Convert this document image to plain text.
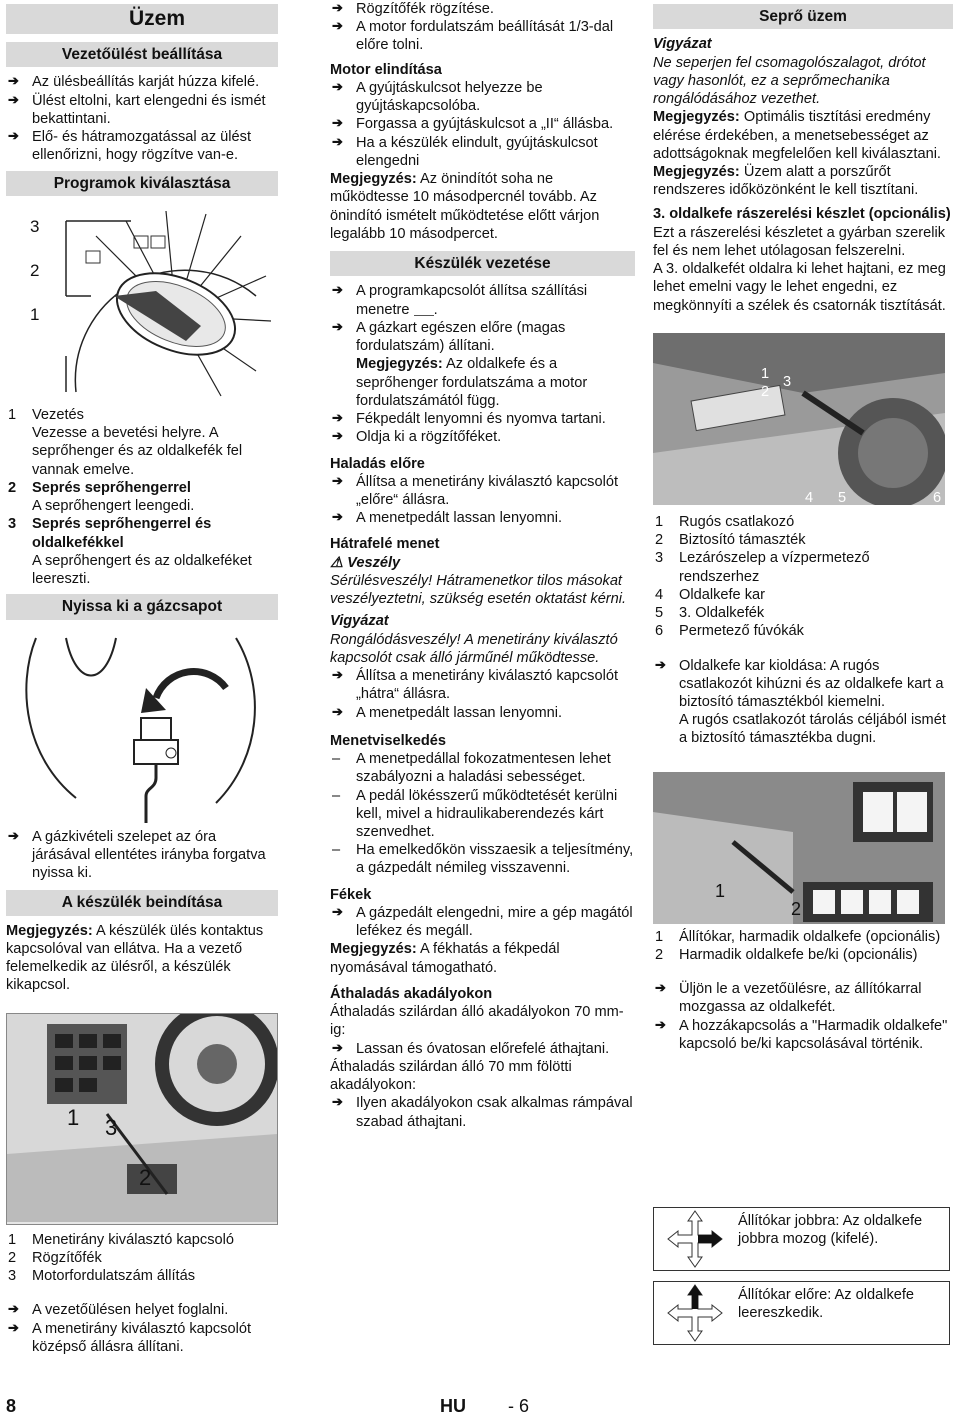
Üzem
Vezetőülést beállítása

➔ Az ülésbeállítás karját húzza kifelé.

➔ Ülést eltolni, kart elengedni és ismét bekattintani.

➔ Elő- és hátramozgatással az ülést ellenőrizni, hogy rögzítve van-e.

Programok kiválasztása
3
2
1

1 Vezetés

Vezesse a bevetési helyre. A seprőhenger és az oldalkefék fel vannak emelve.

2 Seprés seprőhengerrel

A seprőhengert leengedi.

3 Seprés seprőhengerrel és oldalkefékkel

A seprőhengert és az oldalkeféket leereszti.

Nyissa ki a gázcsapot

➔ A gázkivételi szelepet az óra járásával ellentétes irányba forgatva nyissa ki.

A készülék beindítása

Megjegyzés: A készülék ülés kontaktus kapcsolóval van ellátva. Ha a vezető felemelkedik az ülésről, a készülék kikapcsol.

1 3
2

1 Menetirány kiválasztó kapcsoló

2 Rögzítőfék

3 Motorfordulatszám állítás

➔ A vezetőülésen helyet foglalni.

➔ A menetirány kiválasztó kapcsolót középső állásra állítani.

➔ Rögzítőfék rögzítése.

➔ A motor fordulatszám beállítását 1/3-dal előre tolni.

Motor elindítása

➔ A gyújtáskulcsot helyezze be gyújtáskapcsolóba.

➔ Forgassa a gyújtáskulcsot a „II“ állásba.

➔ Ha a készülék elindult, gyújtáskulcsot elengedni

Megjegyzés: Az önindítót soha ne működtesse 10 másodpercnél tovább. Az önindító ismételt működtetése előtt várjon legalább 10 másodpercet.

Készülék vezetése

➔ A programkapcsolót állítsa szállítási menetre .

➔ A gázkart egészen előre (magas fordulatszám) állítani.

Megjegyzés: Az oldalkefe és a seprőhenger fordulatszáma a motor fordulatszámától függ.

➔ Fékpedált lenyomni és nyomva tartani.

➔ Oldja ki a rögzítőféket.

Haladás előre

➔ Állítsa a menetirány kiválasztó kapcsolót „előre“ állásra.

➔ A menetpedált lassan lenyomni.

Hátrafelé menet

⚠ Veszély

Sérülésveszély! Hátramenetkor tilos másokat veszélyeztetni, szükség esetén oktatást kérni.

Vigyázat

Rongálódásveszély! A menetirány kiválasztó kapcsolót csak álló járműnél működtesse.

➔ Állítsa a menetirány kiválasztó kapcsolót „hátra“ állásra.

➔ A menetpedált lassan lenyomni.

Menetviselkedés

– A menetpedállal fokozatmentesen lehet szabályozni a haladási sebességet.

– A pedál lökésszerű működtetését kerülni kell, mivel a hidraulikaberendezés kárt szenvedhet.

– Ha emelkedőkön visszaesik a teljesítmény, a gázpedált némileg visszavenni.

Fékek

➔ A gázpedált elengedni, mire a gép magától lefékez és megáll.

Megjegyzés: A fékhatás a fékpedál nyomásával támogatható.

Áthaladás akadályokon

Áthaladás szilárdan álló akadályokon 70 mm-ig:

➔ Lassan és óvatosan előrefelé áthajtani.

Áthaladás szilárdan álló 70 mm fölötti akadályokon:

➔ Ilyen akadályokon csak alkalmas rámpával szabad áthajtani.

Seprő üzem

Vigyázat

Ne seperjen fel csomagolószalagot, drótot vagy hasonlót, ez a seprőmechanika rongálódásához vezethet.

Megjegyzés: Optimális tisztítási eredmény elérése érdekében, a menetsebességet az adottságoknak megfelelően kell kiválasztani.

Megjegyzés: Üzem alatt a porszűrőt rendszeres időközönként le kell tisztítani.

3. oldalkefe rászerelési készlet (opcionális)

Ezt a rászerelési készletet a gyárban szerelik fel és nem lehet utólagosan felszerelni.

A 3. oldalkefét oldalra ki lehet hajtani, ez meg lehet emelni vagy le lehet engedni, ez megkönnyíti a szélek és csatornák tisztítását.

1
2
3
4 5	6

1 Rugós csatlakozó

2 Biztosító támaszték

3 Lezárószelep a vízpermetező rendszerhez

4 Oldalkefe kar

5 3. Oldalkefék

6 Permetező fúvókák

➔ Oldalkefe kar kioldása: A rugós csatlakozót kihúzni és az oldalkefe kart a biztosító támasztékból kiemelni.

A rugós csatlakozót tárolás céljából ismét a biztosító támasztékba dugni.

1
2

1 Állítókar, harmadik oldalkefe (opcionális)

2 Harmadik oldalkefe be/ki (opcionális)

➔ Üljön le a vezetőülésre, az állítókarral mozgassa az oldalkefét.

➔ A hozzákapcsolás a "Harmadik oldalkefe" kapcsoló be/ki kapcsolásával történik.

Állítókar jobbra: Az oldalkefe jobbra mozog (kifelé).

Állítókar előre: Az oldalkefe leereszkedik.

8	HU - 6
